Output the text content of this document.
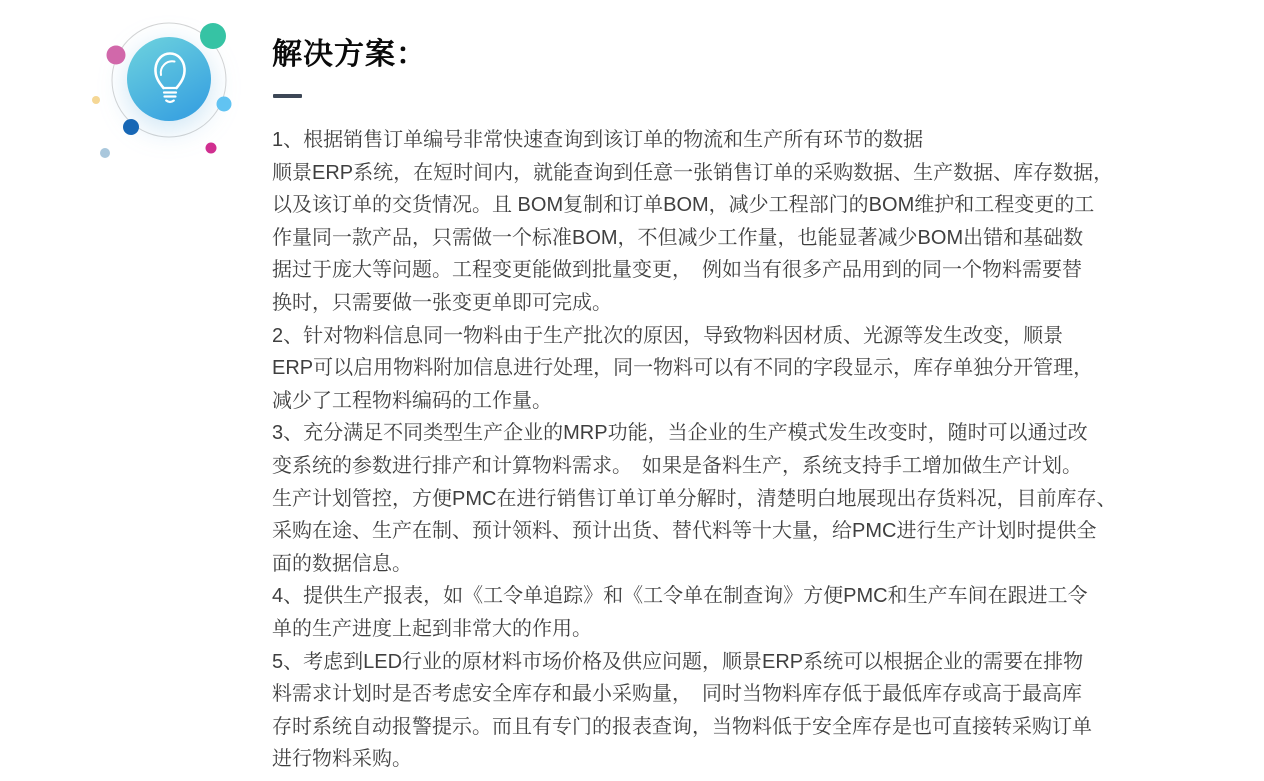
解决方案：
1、根据销售订单编号非常快速查询到该订单的物流和生产所有环节的数据
顺景ERP系统，在短时间内，就能查询到任意一张销售订单的采购数据、生产数据、库存数据，
以及该订单的交货情况。且 BOM复制和订单BOM，减少工程部门的BOM维护和工程变更的工
作量同一款产品，只需做一个标准BOM，不但减少工作量，也能显著减少BOM出错和基础数
据过于庞大等问题。工程变更能做到批量变更，　例如当有很多产品用到的同一个物料需要替
换时，只需要做一张变更单即可完成。
2、针对物料信息同一物料由于生产批次的原因，导致物料因材质、光源等发生改变，顺景
ERP可以启用物料附加信息进行处理，同一物料可以有不同的字段显示，库存单独分开管理，
减少了工程物料编码的工作量。
3、充分满足不同类型生产企业的MRP功能，当企业的生产模式发生改变时，随时可以通过改
变系统的参数进行排产和计算物料需求。　如果是备料生产，系统支持手工增加做生产计划。
生产计划管控，方便PMC在进行销售订单订单分解时，清楚明白地展现出存货料况，目前库存、
采购在途、生产在制、预计领料、预计出货、替代料等十大量，给PMC进行生产计划时提供全
面的数据信息。
4、提供生产报表，如《工令单追踪》和《工令单在制查询》方便PMC和生产车间在跟进工令
单的生产进度上起到非常大的作用。
5、考虑到LED行业的原材料市场价格及供应问题，顺景ERP系统可以根据企业的需要在排物
料需求计划时是否考虑安全库存和最小采购量，　同时当物料库存低于最低库存或高于最高库
存时系统自动报警提示。而且有专门的报表查询，当物料低于安全库存是也可直接转采购订单
进行物料采购。
